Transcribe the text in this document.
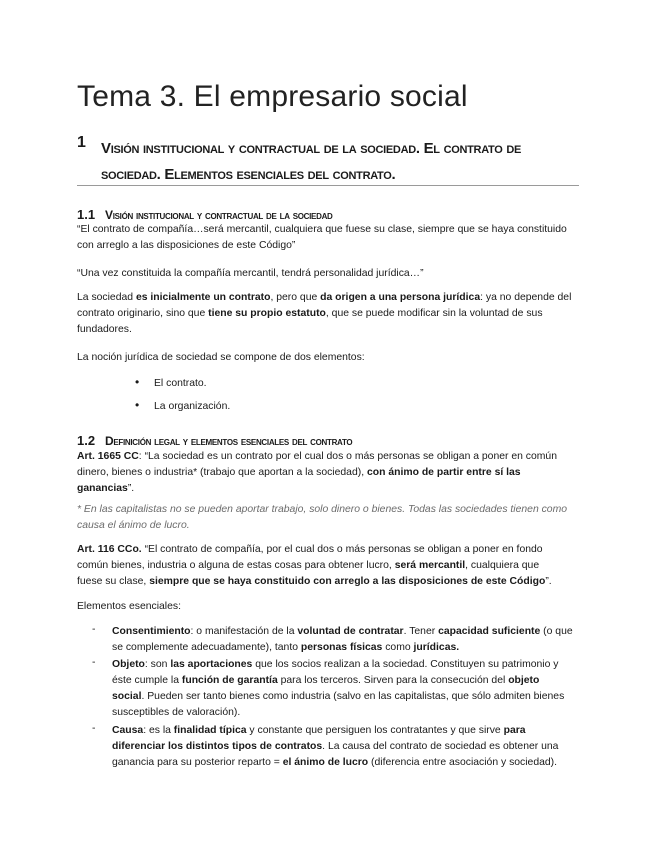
Tema 3. El empresario social
1 Visión institucional y contractual de la sociedad. El contrato de
sociedad. Elementos esenciales del contrato.
1.1 Visión institucional y contractual de la sociedad
“El contrato de compañía…será mercantil, cualquiera que fuese su clase, siempre que se haya constituido
con arreglo a las disposiciones de este Código”
“Una vez constituida la compañía mercantil, tendrá personalidad jurídica…”
La sociedad es inicialmente un contrato, pero que da origen a una persona jurídica: ya no depende del
contrato originario, sino que tiene su propio estatuto, que se puede modificar sin la voluntad de sus
fundadores.
La noción jurídica de sociedad se compone de dos elementos:
• El contrato.
• La organización.
1.2 Definición legal y elementos esenciales del contrato
Art. 1665 CC: “La sociedad es un contrato por el cual dos o más personas se obligan a poner en común
dinero, bienes o industria* (trabajo que aportan a la sociedad), con ánimo de partir entre sí las
ganancias”.
* En las capitalistas no se pueden aportar trabajo, solo dinero o bienes. Todas las sociedades tienen como
causa el ánimo de lucro.
Art. 116 CCo. “El contrato de compañía, por el cual dos o más personas se obligan a poner en fondo
común bienes, industria o alguna de estas cosas para obtener lucro, será mercantil, cualquiera que
fuese su clase, siempre que se haya constituido con arreglo a las disposiciones de este Código”.
Elementos esenciales:
- Consentimiento: o manifestación de la voluntad de contratar. Tener capacidad suficiente (o que
se complemente adecuadamente), tanto personas físicas como jurídicas.
- Objeto: son las aportaciones que los socios realizan a la sociedad. Constituyen su patrimonio y
éste cumple la función de garantía para los terceros. Sirven para la consecución del objeto
social. Pueden ser tanto bienes como industria (salvo en las capitalistas, que sólo admiten bienes
susceptibles de valoración).
- Causa: es la finalidad típica y constante que persiguen los contratantes y que sirve para
diferenciar los distintos tipos de contratos. La causa del contrato de sociedad es obtener una
ganancia para su posterior reparto = el ánimo de lucro (diferencia entre asociación y sociedad).
